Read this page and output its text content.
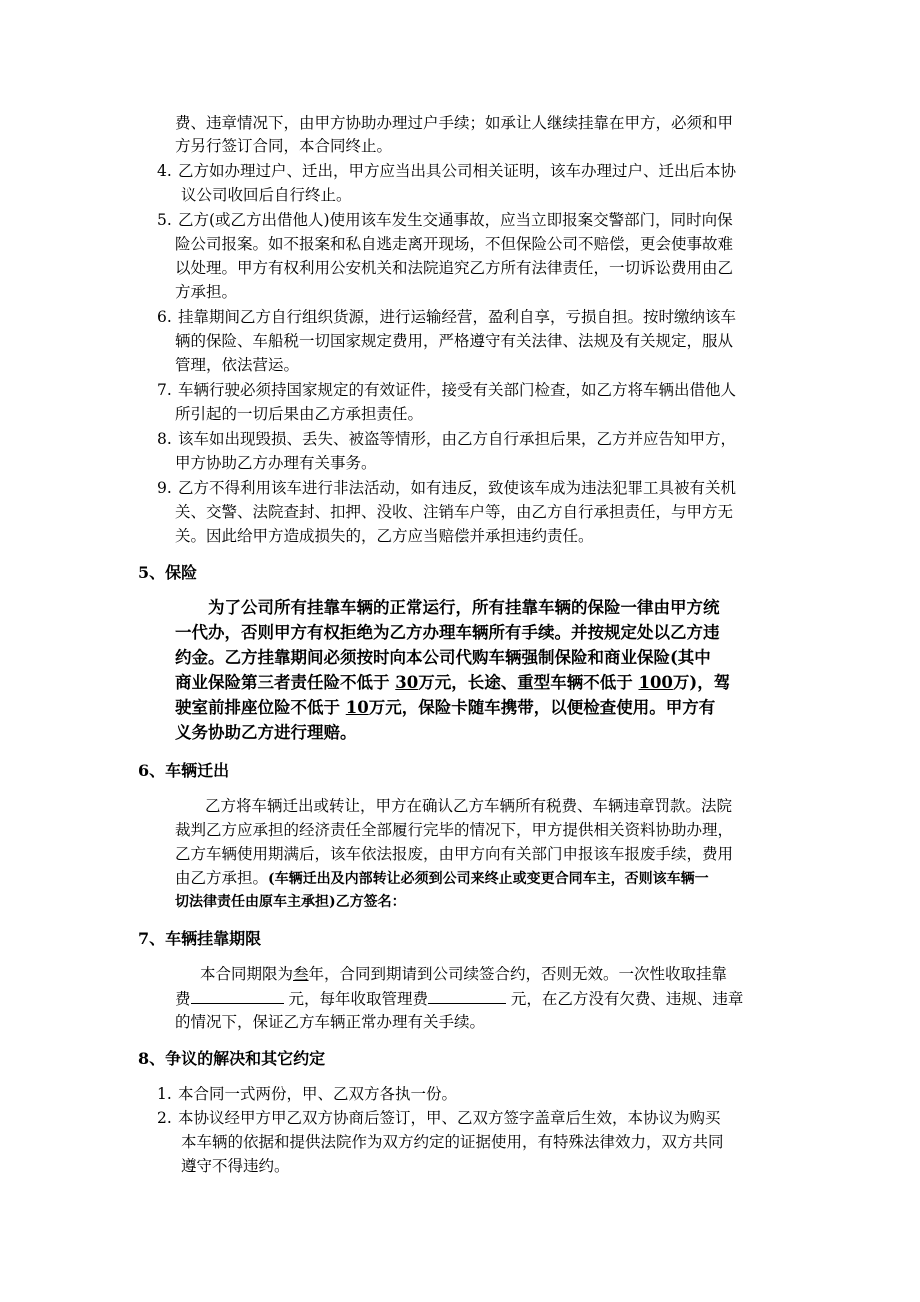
费、违章情况下，由甲方协助办理过户手续；如承让人继续挂靠在甲方，必须和甲
方另行签订合同，本合同终止。
4. 乙方如办理过户、迁出，甲方应当出具公司相关证明，该车办理过户、迁出后本协
议公司收回后自行终止。
5. 乙方(或乙方出借他人)使用该车发生交通事故，应当立即报案交警部门，同时向保
险公司报案。如不报案和私自逃走离开现场，不但保险公司不赔偿，更会使事故难
以处理。甲方有权利用公安机关和法院追究乙方所有法律责任，一切诉讼费用由乙
方承担。
6. 挂靠期间乙方自行组织货源，进行运输经营，盈利自享，亏损自担。按时缴纳该车
辆的保险、车船税一切国家规定费用，严格遵守有关法律、法规及有关规定，服从
管理，依法营运。
7. 车辆行驶必须持国家规定的有效证件，接受有关部门检查，如乙方将车辆出借他人
所引起的一切后果由乙方承担责任。
8. 该车如出现毁损、丢失、被盗等情形，由乙方自行承担后果，乙方并应告知甲方，
甲方协助乙方办理有关事务。
9. 乙方不得利用该车进行非法活动，如有违反，致使该车成为违法犯罪工具被有关机
关、交警、法院查封、扣押、没收、注销车户等，由乙方自行承担责任，与甲方无
关。因此给甲方造成损失的，乙方应当赔偿并承担违约责任。
5、保险
为了公司所有挂靠车辆的正常运行，所有挂靠车辆的保险一律由甲方统
一代办，否则甲方有权拒绝为乙方办理车辆所有手续。并按规定处以乙方违
约金。乙方挂靠期间必须按时向本公司代购车辆强制保险和商业保险(其中
商业保险第三者责任险不低于 30万元，长途、重型车辆不低于 100万)，驾
驶室前排座位险不低于 10万元，保险卡随车携带，以便检查使用。甲方有
义务协助乙方进行理赔。
6、车辆迁出
乙方将车辆迁出或转让，甲方在确认乙方车辆所有税费、车辆违章罚款。法院
裁判乙方应承担的经济责任全部履行完毕的情况下，甲方提供相关资料协助办理，
乙方车辆使用期满后，该车依法报废，由甲方向有关部门申报该车报废手续，费用
由乙方承担。(车辆迁出及内部转让必须到公司来终止或变更合同车主，否则该车辆一
切法律责任由原车主承担)乙方签名：
7、车辆挂靠期限
本合同期限为叁年，合同到期请到公司续签合约，否则无效。一次性收取挂靠
费	元，每年收取管理费	元，在乙方没有欠费、违规、违章
的情况下，保证乙方车辆正常办理有关手续。
8、争议的解决和其它约定
1. 本合同一式两份，甲、乙双方各执一份。
2. 本协议经甲方甲乙双方协商后签订，甲、乙双方签字盖章后生效，本协议为购买
本车辆的依据和提供法院作为双方约定的证据使用，有特殊法律效力，双方共同
遵守不得违约。
